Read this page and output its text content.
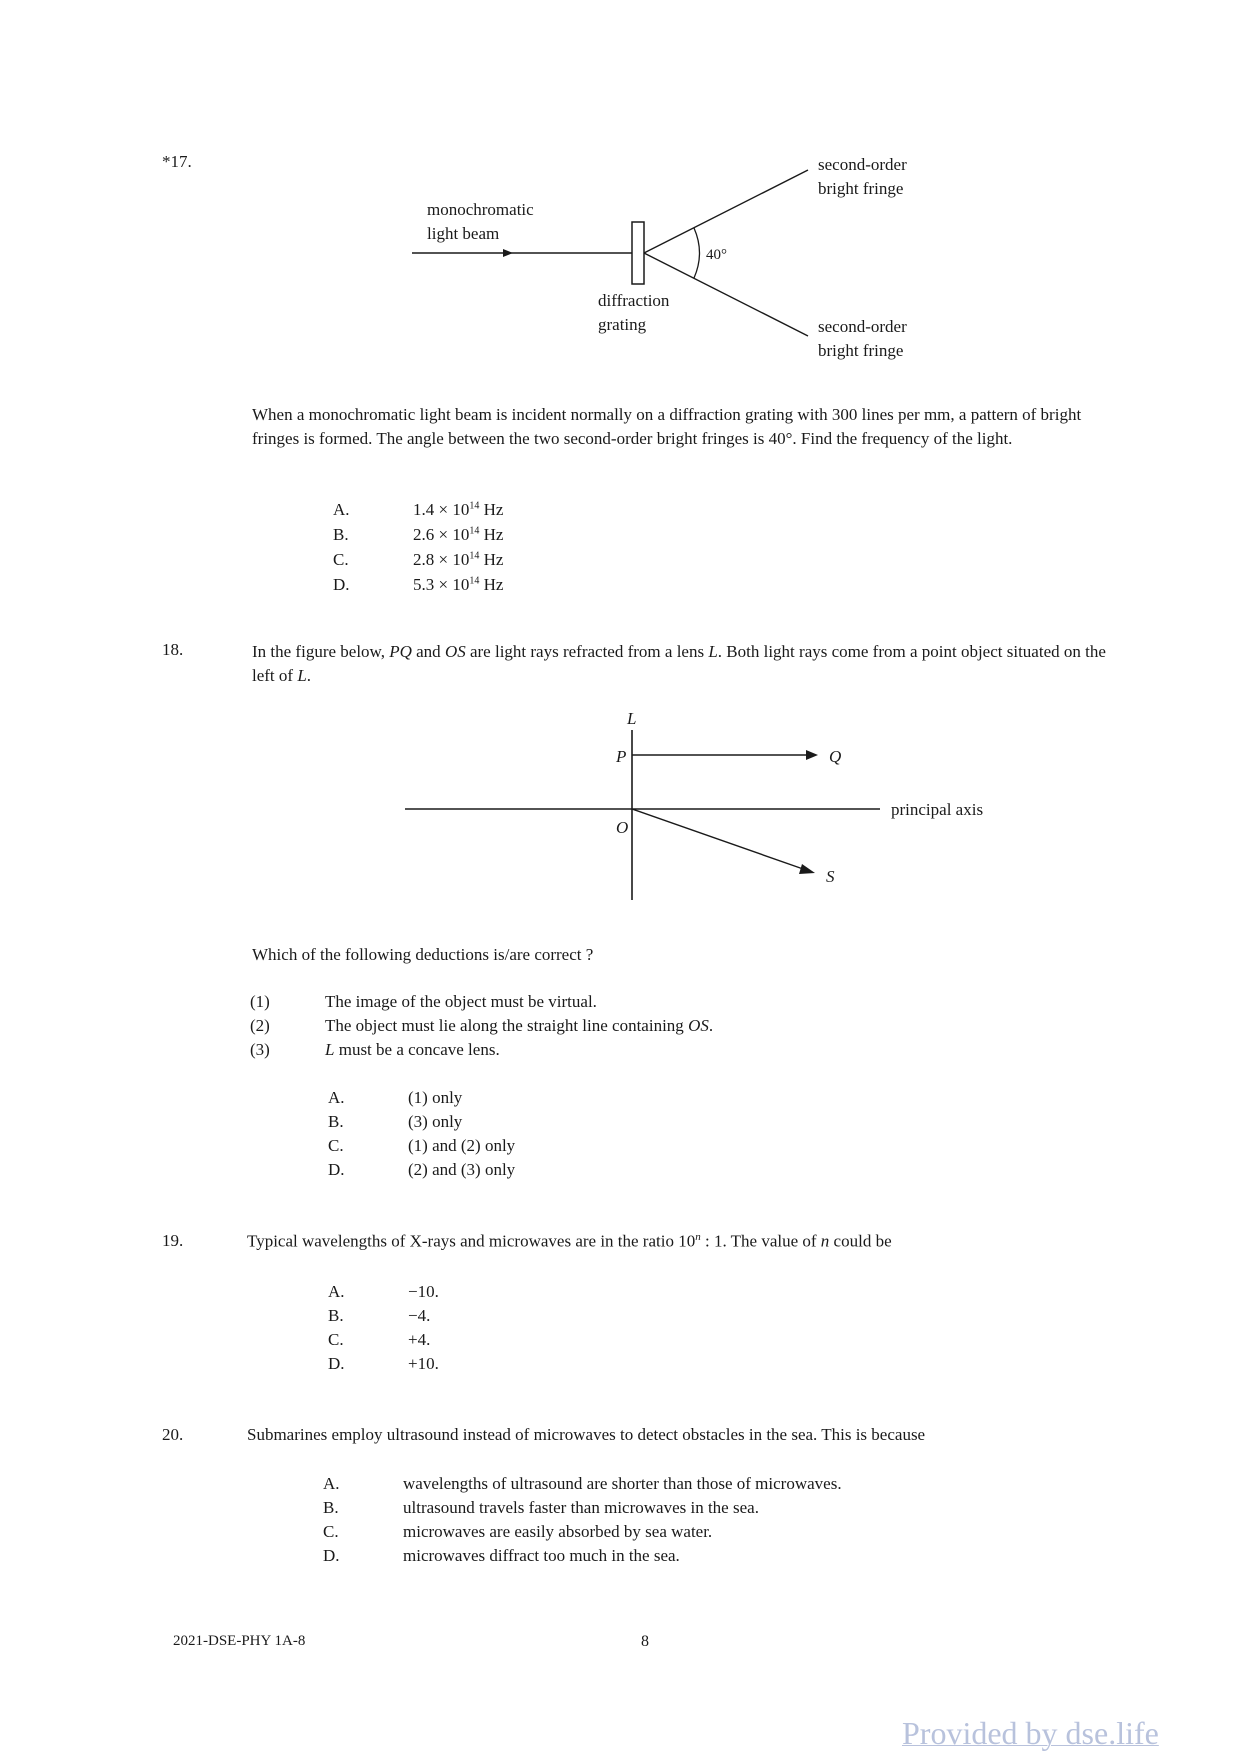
*17.
monochromatic
light beam
40°
diffraction
grating
second-order
bright fringe
second-order
bright fringe
When a monochromatic light beam is incident normally on a diffraction grating with 300 lines per mm, a pattern of bright fringes is formed. The angle between the two second-order bright fringes is 40°. Find the frequency of the light.
A.	$1.4 \times 10^{14}$ Hz
B.	$2.6 \times 10^{14}$ Hz
C.	$2.8 \times 10^{14}$ Hz
D.	$5.3 \times 10^{14}$ Hz
18.	In the figure below, PQ and OS are light rays refracted from a lens L. Both light rays come from a point object situated on the left of L.
L
P	Q
O
S
principal axis
Which of the following deductions is/are correct ?
(1)	The image of the object must be virtual.
(2)	The object must lie along the straight line containing OS.
(3)	L must be a concave lens.
A.	(1) only
B.	(3) only
C.	(1) and (2) only
D.	(2) and (3) only
19.	Typical wavelengths of X-rays and microwaves are in the ratio 10$^n$ : 1. The value of n could be
A.	−10.
B.	−4.
C.	+4.
D.	+10.
20.	Submarines employ ultrasound instead of microwaves to detect obstacles in the sea. This is because
A.	wavelengths of ultrasound are shorter than those of microwaves.
B.	ultrasound travels faster than microwaves in the sea.
C.	microwaves are easily absorbed by sea water.
D.	microwaves diffract too much in the sea.
2021-DSE-PHY 1A-8	8
Provided by dse.life
